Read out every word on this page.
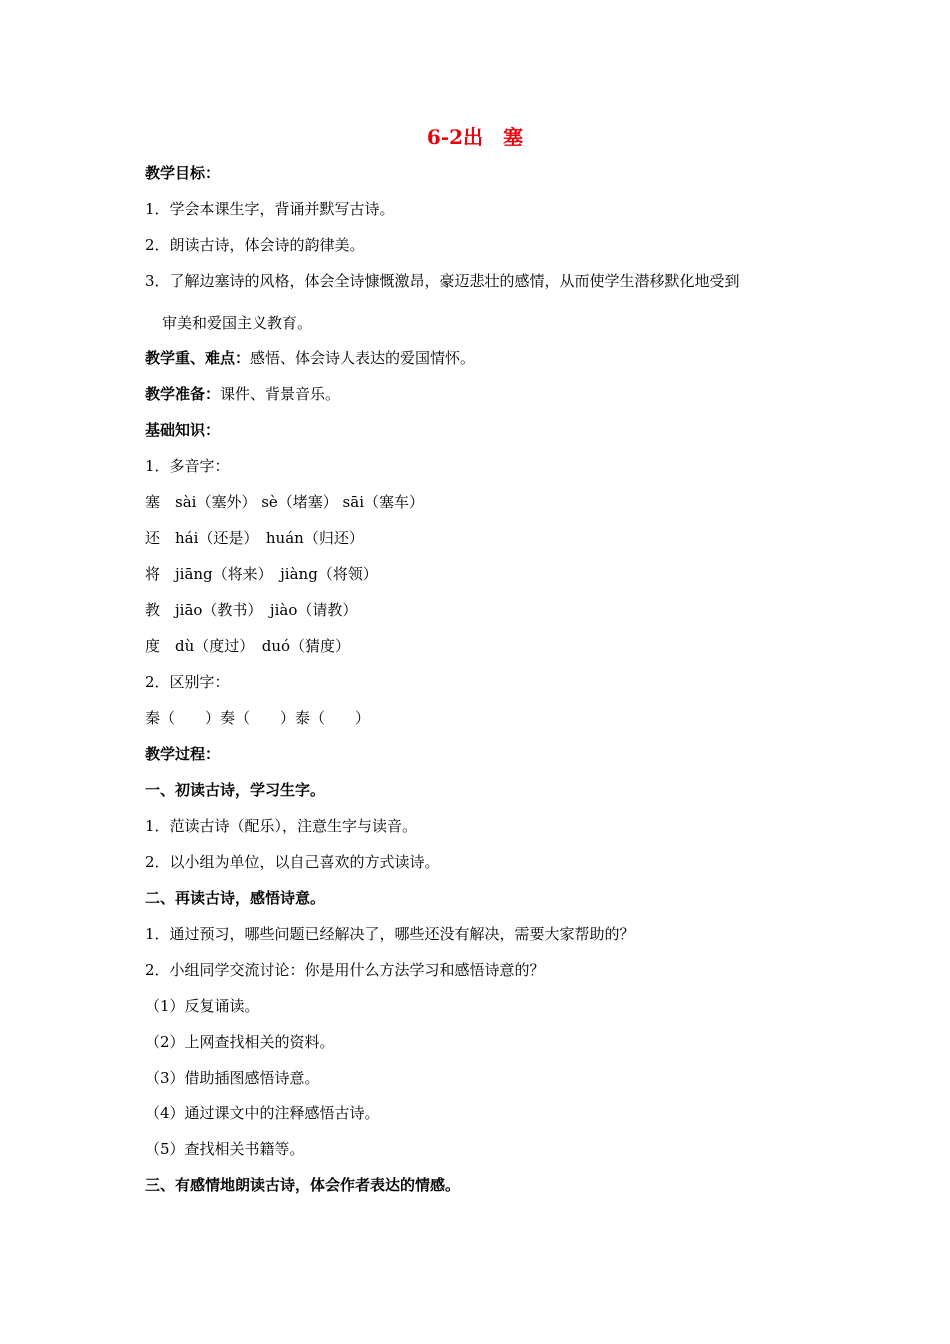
6-2出　塞
教学目标：
1．学会本课生字，背诵并默写古诗。
2．朗读古诗，体会诗的韵律美。
3．了解边塞诗的风格，体会全诗慷慨激昂，豪迈悲壮的感情，从而使学生潜移默化地受到
审美和爱国主义教育。
教学重、难点：感悟、体会诗人表达的爱国情怀。
教学准备：课件、背景音乐。
基础知识：
1．多音字：
塞　sài（塞外） sè（堵塞） sāi（塞车）
还　hái（还是）　huán（归还）
将　jiāng（将来）　jiàng（将领）
教　jiāo（教书）　jiào（请教）
度　dù（度过）　duó（猜度）
2．区别字：
秦（　　）奏（　　）泰（　　）
教学过程：
一、初读古诗，学习生字。
1．范读古诗（配乐），注意生字与读音。
2．以小组为单位，以自己喜欢的方式读诗。
二、再读古诗，感悟诗意。
1．通过预习，哪些问题已经解决了，哪些还没有解决，需要大家帮助的？
2．小组同学交流讨论：你是用什么方法学习和感悟诗意的？
（1）反复诵读。
（2）上网查找相关的资料。
（3）借助插图感悟诗意。
（4）通过课文中的注释感悟古诗。
（5）查找相关书籍等。
三、有感情地朗读古诗，体会作者表达的情感。
